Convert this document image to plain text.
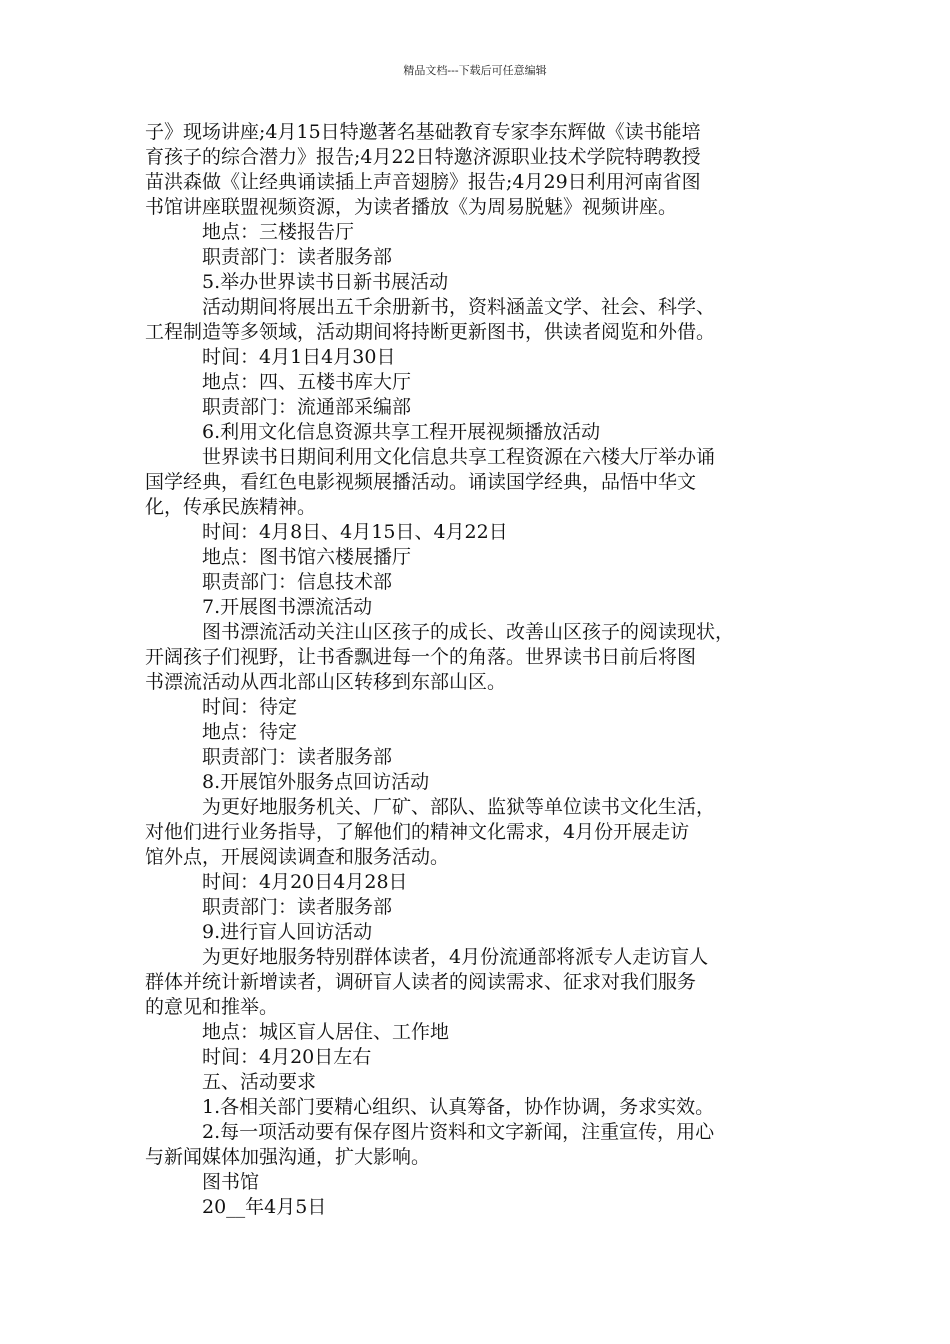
精品文档---下载后可任意编辑
子》现场讲座;4月15日特邀著名基础教育专家李东辉做《读书能培
育孩子的综合潜力》报告;4月22日特邀济源职业技术学院特聘教授
苗洪森做《让经典诵读插上声音翅膀》报告;4月29日利用河南省图
书馆讲座联盟视频资源，为读者播放《为周易脱魅》视频讲座。
地点：三楼报告厅
职责部门：读者服务部
5.举办世界读书日新书展活动
活动期间将展出五千余册新书，资料涵盖文学、社会、科学、
工程制造等多领域，活动期间将持断更新图书，供读者阅览和外借。
时间：4月1日4月30日
地点：四、五楼书库大厅
职责部门：流通部采编部
6.利用文化信息资源共享工程开展视频播放活动
世界读书日期间利用文化信息共享工程资源在六楼大厅举办诵
国学经典，看红色电影视频展播活动。诵读国学经典，品悟中华文
化，传承民族精神。
时间：4月8日、4月15日、4月22日
地点：图书馆六楼展播厅
职责部门：信息技术部
7.开展图书漂流活动
图书漂流活动关注山区孩子的成长、改善山区孩子的阅读现状，
开阔孩子们视野，让书香飘进每一个的角落。世界读书日前后将图
书漂流活动从西北部山区转移到东部山区。
时间：待定
地点：待定
职责部门：读者服务部
8.开展馆外服务点回访活动
为更好地服务机关、厂矿、部队、监狱等单位读书文化生活，
对他们进行业务指导，了解他们的精神文化需求，4月份开展走访
馆外点，开展阅读调查和服务活动。
时间：4月20日4月28日
职责部门：读者服务部
9.进行盲人回访活动
为更好地服务特别群体读者，4月份流通部将派专人走访盲人
群体并统计新增读者，调研盲人读者的阅读需求、征求对我们服务
的意见和推举。
地点：城区盲人居住、工作地
时间：4月20日左右
五、活动要求
1.各相关部门要精心组织、认真筹备，协作协调，务求实效。
2.每一项活动要有保存图片资料和文字新闻，注重宣传，用心
与新闻媒体加强沟通，扩大影响。
图书馆
20__年4月5日
